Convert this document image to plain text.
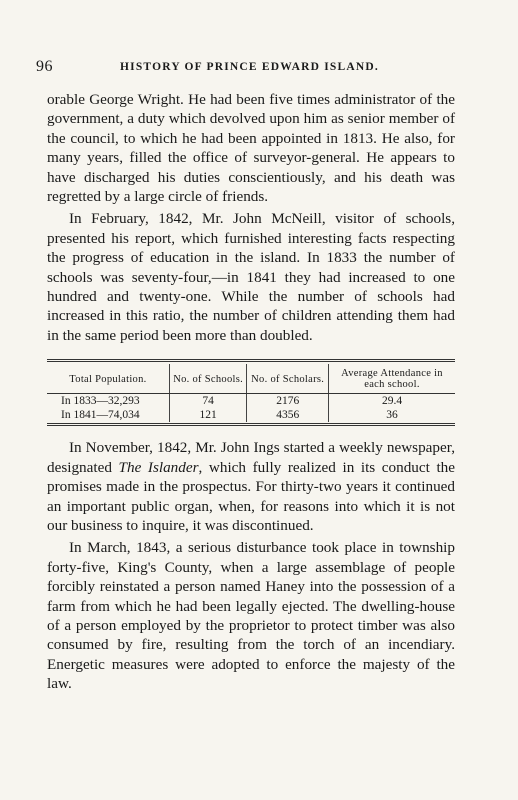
96	HISTORY OF PRINCE EDWARD ISLAND.

orable George Wright. He had been five times administrator of the government, a duty which devolved upon him as senior member of the council, to which he had been appointed in 1813. He also, for many years, filled the office of surveyor-general. He appears to have discharged his duties conscientiously, and his death was regretted by a large circle of friends.

In February, 1842, Mr. John McNeill, visitor of schools, presented his report, which furnished interesting facts respecting the progress of education in the island. In 1833 the number of schools was seventy-four,—in 1841 they had increased to one hundred and twenty-one. While the number of schools had increased in this ratio, the number of children attending them had in the same period been more than doubled.

Total Population.	No. of Schools.	No. of Scholars.	Average Attendance in each school.
In 1833—32,293	74	2176	29.4
In 1841—74,034	121	4356	36

In November, 1842, Mr. John Ings started a weekly newspaper, designated The Islander, which fully realized in its conduct the promises made in the prospectus. For thirty-two years it continued an important public organ, when, for reasons into which it is not our business to inquire, it was discontinued.

In March, 1843, a serious disturbance took place in township forty-five, King's County, when a large assemblage of people forcibly reinstated a person named Haney into the possession of a farm from which he had been legally ejected. The dwelling-house of a person employed by the proprietor to protect timber was also consumed by fire, resulting from the torch of an incendiary. Energetic measures were adopted to enforce the majesty of the law.
